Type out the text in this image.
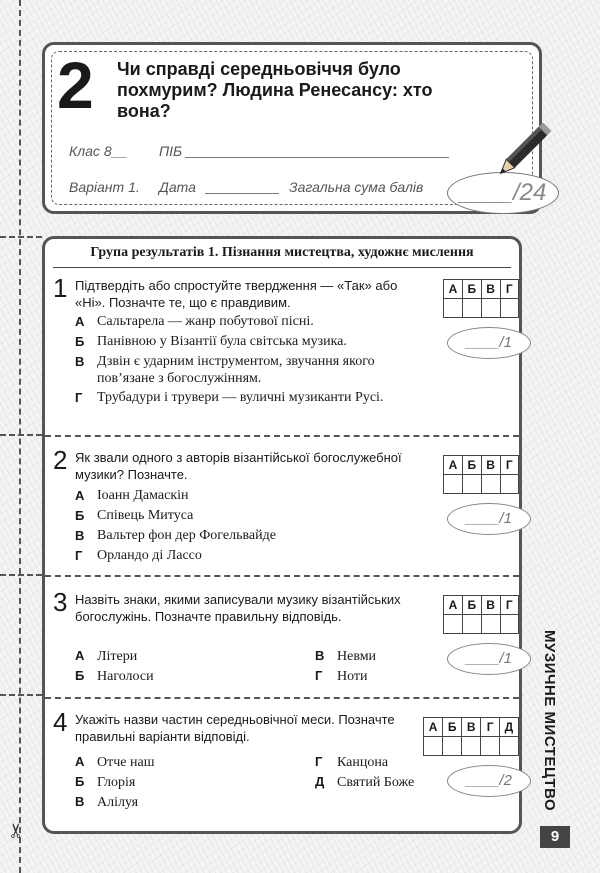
✂
2 Чи справді середньовіччя було похмурим? Людина Ренесансу: хто вона?
Клас 8__ ПІБ
Варіант 1. Дата	Загальна сума балів	____/24
Група результатів 1. Пізнання мистецтва, художнє мислення
1 Підтвердіть або спростуйте твердження — «Так» або «Ні». Позначте те, що є правдивим.
А Сальтарела — жанр побутової пісні.
Б Панівною у Візантії була світська музика.
В Дзвін є ударним інструментом, звучання якого пов’язане з богослужінням.
Г Трубадури і трувери — вуличні музиканти Русі.
А	Б	В	Г

____/1
2 Як звали одного з авторів візантійської богослужебної музики? Позначте.
А Іоанн Дамаскін
Б Співець Митуса
В Вальтер фон дер Фогельвайде
Г Орландо ді Лассо
А	Б	В	Г

____/1
3 Назвіть знаки, якими записували музику візантійських богослужінь. Позначте правильну відповідь.
А Літери	В Невми
Б Наголоси	Г Ноти
А	Б	В	Г

____/1
4 Укажіть назви частин середньовічної меси. Позначте правильні варіанти відповіді.
А Отче наш	Г Канцона
Б Глорія	Д Святий Боже
В Алілуя
А	Б	В	Г	Д

____/2	МУЗИЧНЕ МИСТЕЦТВО
9
